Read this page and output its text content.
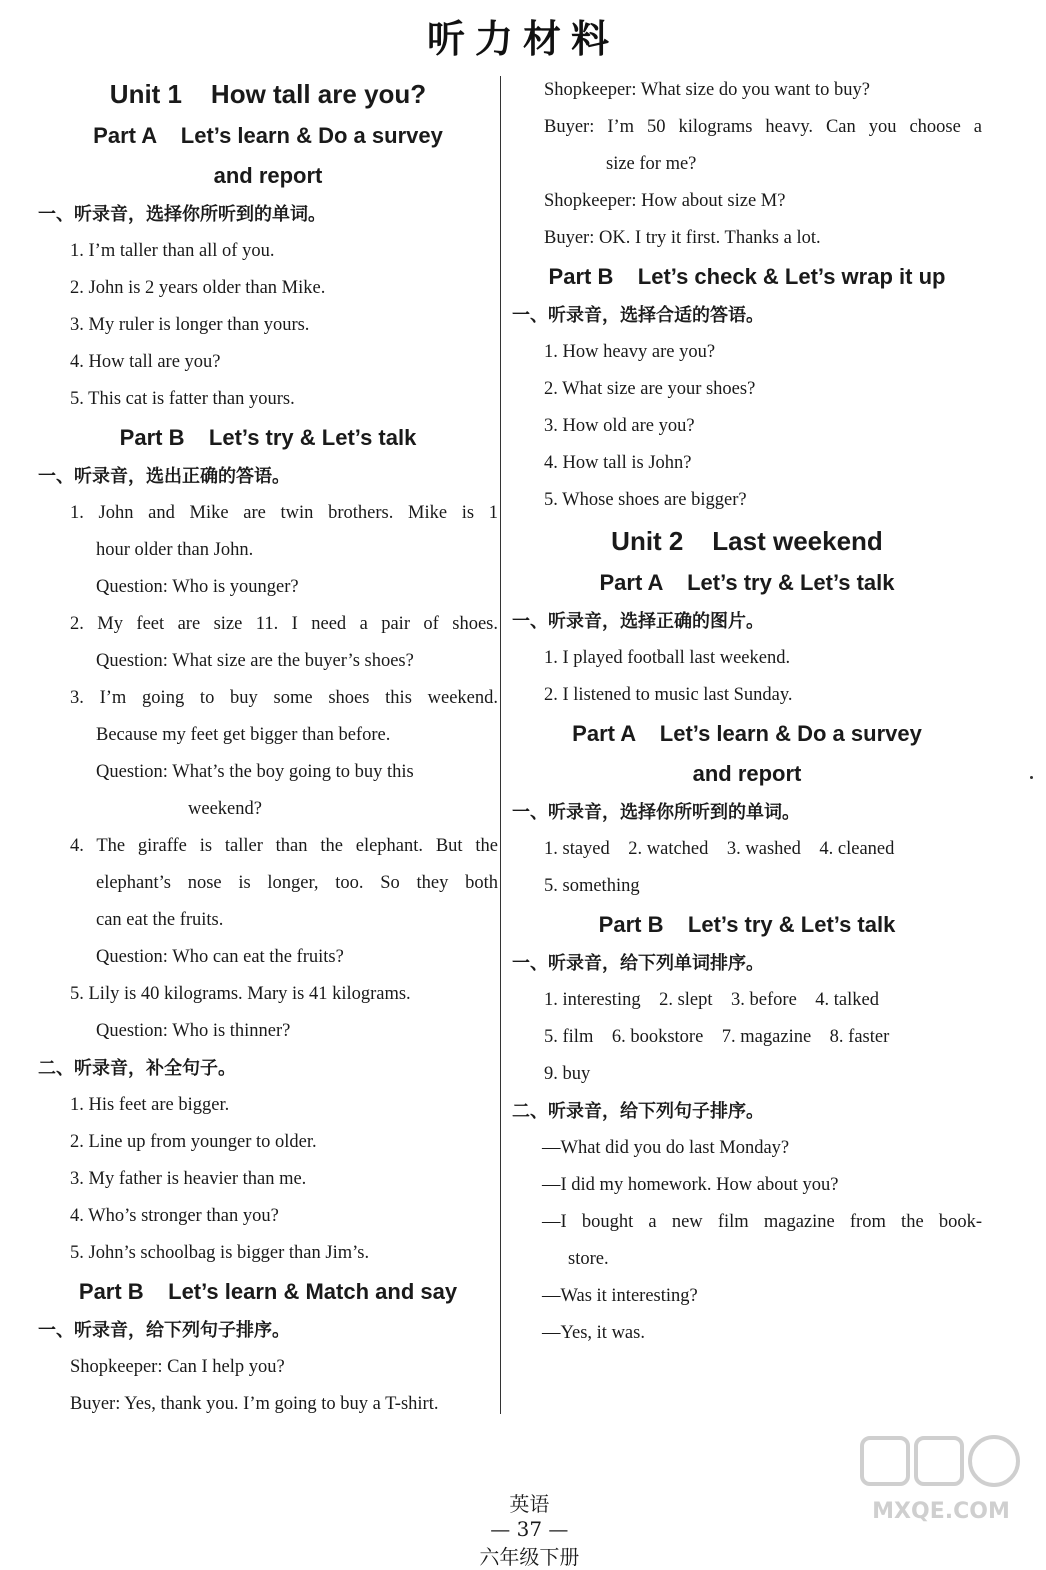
听力材料
Unit 1    How tall are you?
Part A    Let’s learn & Do a survey
and report
一、听录音，选择你所听到的单词。
1. I’m taller than all of you.
2. John is 2 years older than Mike.
3. My ruler is longer than yours.
4. How tall are you?
5. This cat is fatter than yours.
Part B    Let’s try & Let’s talk
一、听录音，选出正确的答语。
1. John and Mike are twin brothers. Mike is 1
hour older than John.
Question: Who is younger?
2. My feet are size 11. I need a pair of shoes.
Question: What size are the buyer’s shoes?
3. I’m going to buy some shoes this weekend.
Because my feet get bigger than before.
Question: What’s the boy going to buy this
weekend?
4. The giraffe is taller than the elephant. But the
elephant’s nose is longer, too. So they both
can eat the fruits.
Question: Who can eat the fruits?
5. Lily is 40 kilograms. Mary is 41 kilograms.
Question: Who is thinner?
二、听录音，补全句子。
1. His feet are bigger.
2. Line up from younger to older.
3. My father is heavier than me.
4. Who’s stronger than you?
5. John’s schoolbag is bigger than Jim’s.
Part B    Let’s learn & Match and say
一、听录音，给下列句子排序。
Shopkeeper: Can I help you?
Buyer: Yes, thank you. I’m going to buy a T-shirt.
Shopkeeper: What size do you want to buy?
Buyer: I’m 50 kilograms heavy. Can you choose a
size for me?
Shopkeeper: How about size M?
Buyer: OK. I try it first. Thanks a lot.
Part B    Let’s check & Let’s wrap it up
一、听录音，选择合适的答语。
1. How heavy are you?
2. What size are your shoes?
3. How old are you?
4. How tall is John?
5. Whose shoes are bigger?
Unit 2    Last weekend
Part A    Let’s try & Let’s talk
一、听录音，选择正确的图片。
1. I played football last weekend.
2. I listened to music last Sunday.
Part A    Let’s learn & Do a survey
and report
一、听录音，选择你所听到的单词。
1. stayed    2. watched    3. washed    4. cleaned
5. something
Part B    Let’s try & Let’s talk
一、听录音，给下列单词排序。
1. interesting    2. slept    3. before    4. talked
5. film    6. bookstore    7. magazine    8. faster
9. buy
二、听录音，给下列句子排序。
—What did you do last Monday?
—I did my homework. How about you?
—I bought a new film magazine from the book-
store.
—Was it interesting?
—Yes, it was.

英语
— 37 —
六年级下册

MXQE.COM
